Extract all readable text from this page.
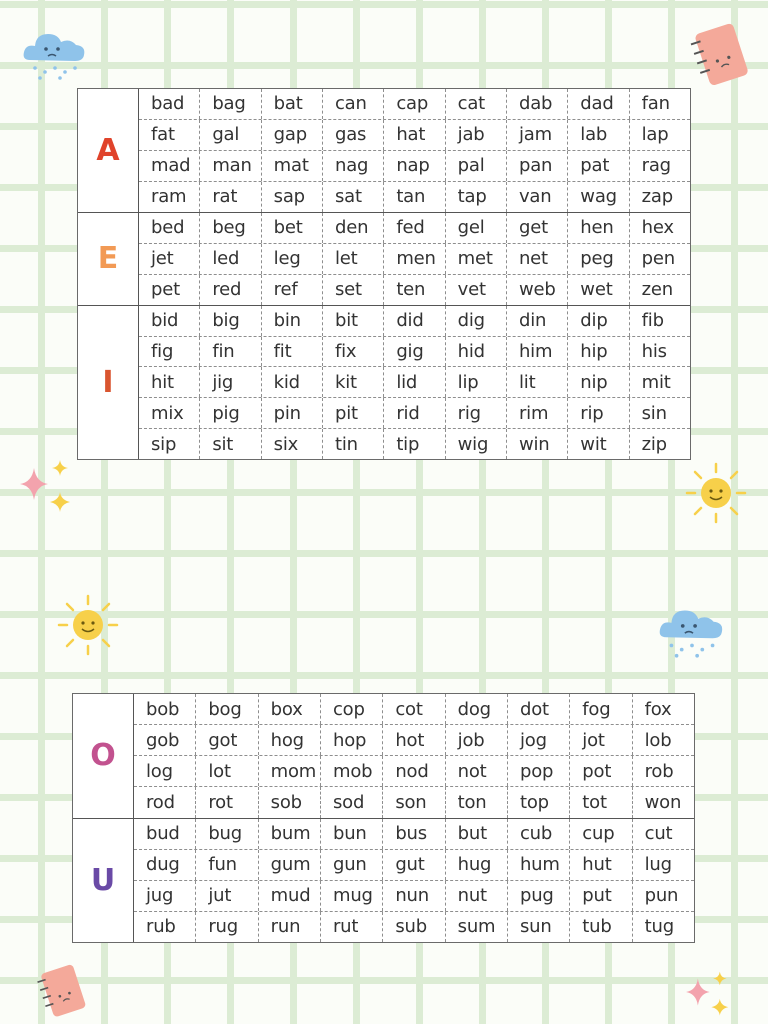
A
bad	bag	bat	can	cap	cat	dab	dad	fan
fat	gal	gap	gas	hat	jab	jam	lab	lap
mad	man	mat	nag	nap	pal	pan	pat	rag
ram	rat	sap	sat	tan	tap	van	wag	zap
E
bed	beg	bet	den	fed	gel	get	hen	hex
jet	led	leg	let	men	met	net	peg	pen
pet	red	ref	set	ten	vet	web	wet	zen
I
bid	big	bin	bit	did	dig	din	dip	fib
fig	fin	fit	fix	gig	hid	him	hip	his
hit	jig	kid	kit	lid	lip	lit	nip	mit
mix	pig	pin	pit	rid	rig	rim	rip	sin
sip	sit	six	tin	tip	wig	win	wit	zip
O
bob	bog	box	cop	cot	dog	dot	fog	fox
gob	got	hog	hop	hot	job	jog	jot	lob
log	lot	mom mob	nod	not	pop	pot	rob
rod	rot	sob	sod	son	ton	top	tot	won
U
bud	bug	bum	bun	bus	but	cub	cup	cut
dug	fun	gum	gun	gut	hug	hum	hut	lug
jug	jut	mud	mug	nun	nut	pug	put	pun
rub	rug	run	rut	sub	sum	sun	tub	tug
